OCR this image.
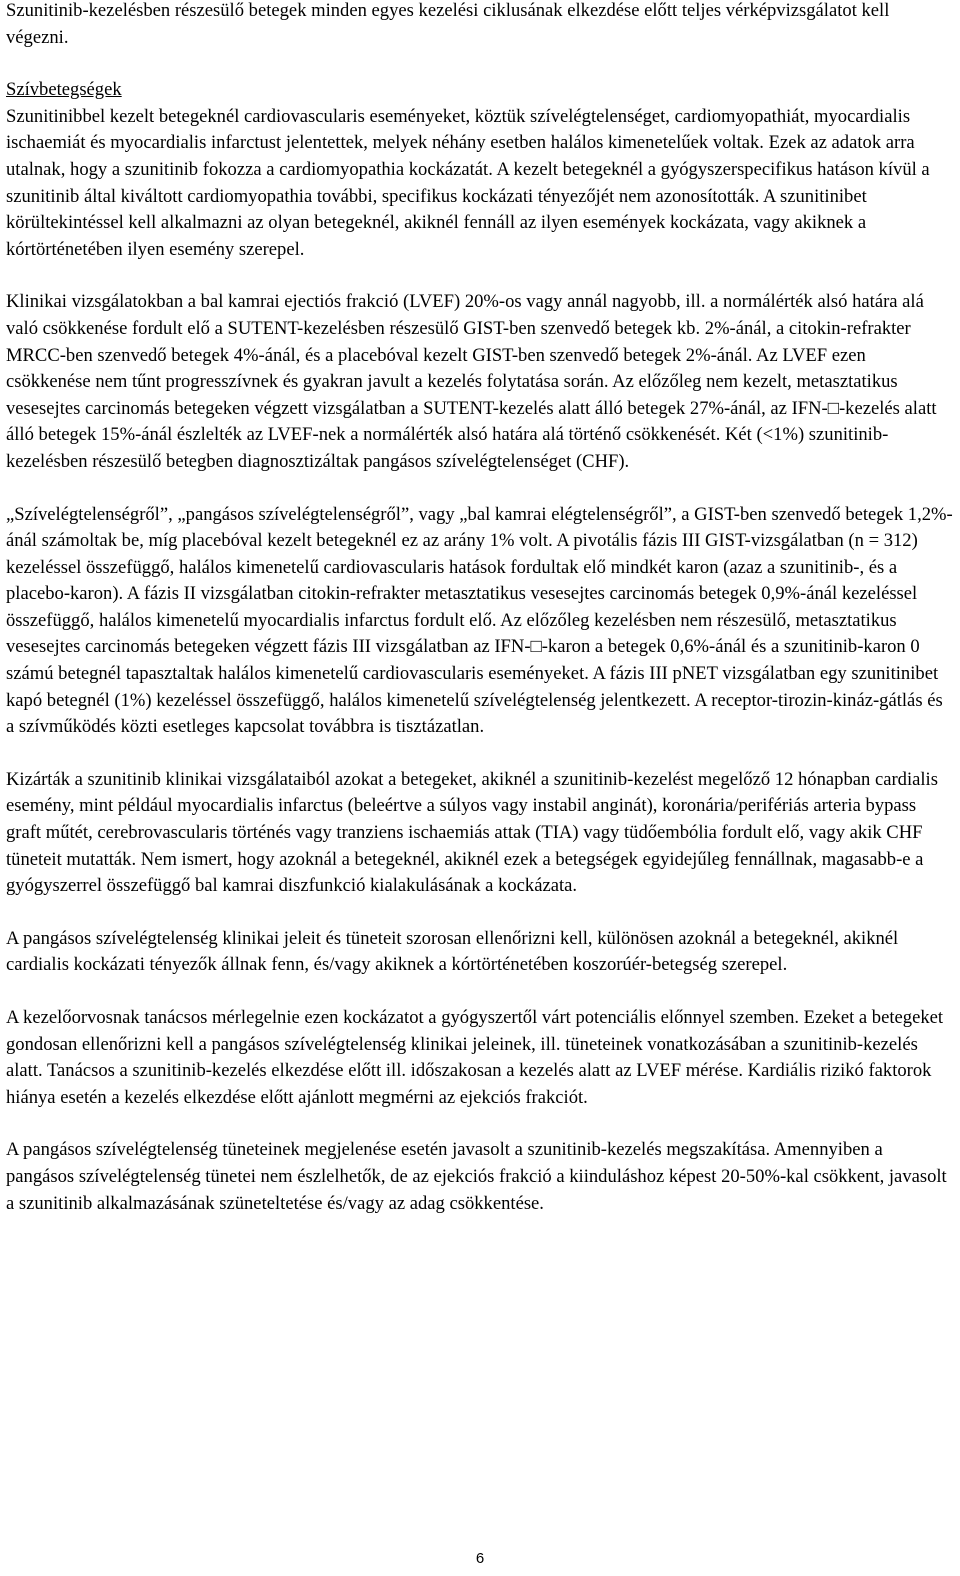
Szunitinib-kezelésben részesülő betegek minden egyes kezelési ciklusának elkezdése előtt teljes vérképvizsgálatot kell végezni.

Szívbetegségek

Szunitinibbel kezelt betegeknél cardiovascularis eseményeket, köztük szívelégtelenséget, cardiomyopathiát, myocardialis ischaemiát és myocardialis infarctust jelentettek, melyek néhány esetben halálos kimenetelűek voltak. Ezek az adatok arra utalnak, hogy a szunitinib fokozza a cardiomyopathia kockázatát. A kezelt betegeknél a gyógyszerspecifikus hatáson kívül a szunitinib által kiváltott cardiomyopathia további, specifikus kockázati tényezőjét nem azonosították. A szunitinibet körültekintéssel kell alkalmazni az olyan betegeknél, akiknél fennáll az ilyen események kockázata, vagy akiknek a kórtörténetében ilyen esemény szerepel.

Klinikai vizsgálatokban a bal kamrai ejectiós frakció (LVEF) 20%-os vagy annál nagyobb, ill. a normálérték alsó határa alá való csökkenése fordult elő a SUTENT-kezelésben részesülő GIST-ben szenvedő betegek kb. 2%-ánál, a citokin-refrakter MRCC-ben szenvedő betegek 4%-ánál, és a placebóval kezelt GIST-ben szenvedő betegek 2%-ánál. Az LVEF ezen csökkenése nem tűnt progresszívnek és gyakran javult a kezelés folytatása során. Az előzőleg nem kezelt, metasztatikus vesesejtes carcinomás betegeken végzett vizsgálatban a SUTENT-kezelés alatt álló betegek 27%-ánál, az IFN-□-kezelés alatt álló betegek 15%-ánál észlelték az LVEF-nek a normálérték alsó határa alá történő csökkenését. Két (<1%) szunitinib-kezelésben részesülő betegben diagnosztizáltak pangásos szívelégtelenséget (CHF).

„Szívelégtelenségről”, „pangásos szívelégtelenségről”, vagy „bal kamrai elégtelenségről”, a GIST-ben szenvedő betegek 1,2%-ánál számoltak be, míg placebóval kezelt betegeknél ez az arány 1% volt. A pivotális fázis III GIST-vizsgálatban (n = 312) kezeléssel összefüggő, halálos kimenetelű cardiovascularis hatások fordultak elő mindkét karon (azaz a szunitinib-, és a placebo-karon). A fázis II vizsgálatban citokin-refrakter metasztatikus vesesejtes carcinomás betegek 0,9%-ánál kezeléssel összefüggő, halálos kimenetelű myocardialis infarctus fordult elő. Az előzőleg kezelésben nem részesülő, metasztatikus vesesejtes carcinomás betegeken végzett fázis III vizsgálatban az IFN-□-karon a betegek 0,6%-ánál és a szunitinib-karon 0 számú betegnél tapasztaltak halálos kimenetelű cardiovascularis eseményeket. A fázis III pNET vizsgálatban egy szunitinibet kapó betegnél (1%) kezeléssel összefüggő, halálos kimenetelű szívelégtelenség jelentkezett. A receptor-tirozin-kináz-gátlás és a szívműködés közti esetleges kapcsolat továbbra is tisztázatlan.

Kizárták a szunitinib klinikai vizsgálataiból azokat a betegeket, akiknél a szunitinib-kezelést megelőző 12 hónapban cardialis esemény, mint például myocardialis infarctus (beleértve a súlyos vagy instabil anginát), koronária/perifériás arteria bypass graft műtét, cerebrovascularis történés vagy tranziens ischaemiás attak (TIA) vagy tüdőembólia fordult elő, vagy akik CHF tüneteit mutatták. Nem ismert, hogy azoknál a betegeknél, akiknél ezek a betegségek egyidejűleg fennállnak, magasabb-e a gyógyszerrel összefüggő bal kamrai diszfunkció kialakulásának a kockázata.

A pangásos szívelégtelenség klinikai jeleit és tüneteit szorosan ellenőrizni kell, különösen azoknál a betegeknél, akiknél cardialis kockázati tényezők állnak fenn, és/vagy akiknek a kórtörténetében koszorúér-betegség szerepel.

A kezelőorvosnak tanácsos mérlegelnie ezen kockázatot a gyógyszertől várt potenciális előnnyel szemben. Ezeket a betegeket gondosan ellenőrizni kell a pangásos szívelégtelenség klinikai jeleinek, ill. tüneteinek vonatkozásában a szunitinib-kezelés alatt. Tanácsos a szunitinib-kezelés elkezdése előtt ill. időszakosan a kezelés alatt az LVEF mérése. Kardiális rizikó faktorok hiánya esetén a kezelés elkezdése előtt ajánlott megmérni az ejekciós frakciót.

A pangásos szívelégtelenség tüneteinek megjelenése esetén javasolt a szunitinib-kezelés megszakítása. Amennyiben a pangásos szívelégtelenség tünetei nem észlelhetők, de az ejekciós frakció a kiinduláshoz képest 20-50%-kal csökkent, javasolt a szunitinib alkalmazásának szüneteltetése és/vagy az adag csökkentése.

6
